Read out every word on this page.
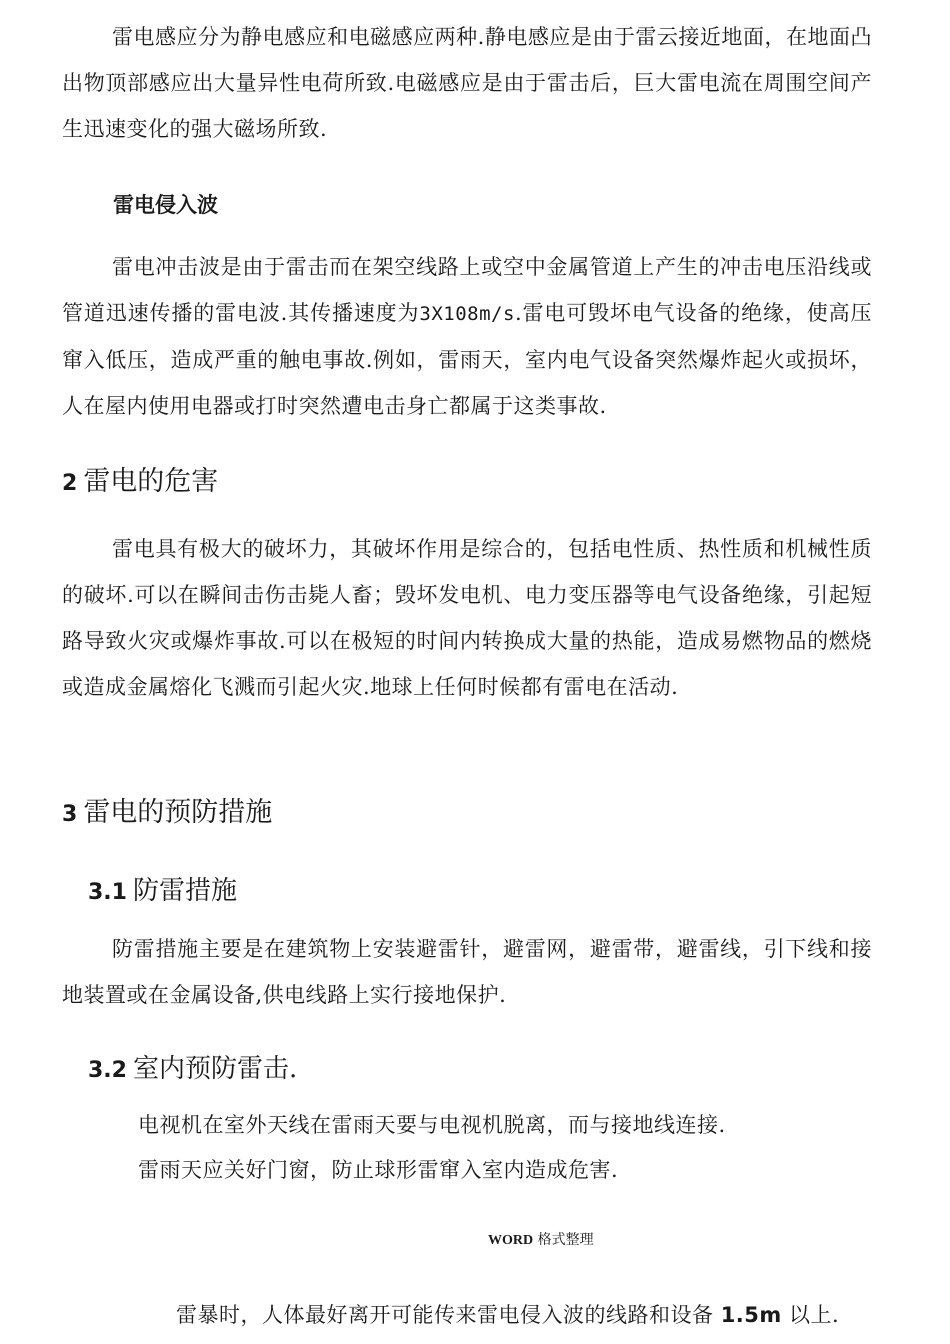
雷电感应分为静电感应和电磁感应两种.静电感应是由于雷云接近地面，在地面凸出物顶部感应出大量异性电荷所致.电磁感应是由于雷击后，巨大雷电流在周围空间产生迅速变化的强大磁场所致.

雷电侵入波

雷电冲击波是由于雷击而在架空线路上或空中金属管道上产生的冲击电压沿线或管道迅速传播的雷电波.其传播速度为3X108m/s.雷电可毁坏电气设备的绝缘，使高压窜入低压，造成严重的触电事故.例如，雷雨天，室内电气设备突然爆炸起火或损坏，人在屋内使用电器或打时突然遭电击身亡都属于这类事故.

2 雷电的危害

雷电具有极大的破坏力，其破坏作用是综合的，包括电性质、热性质和机械性质的破坏.可以在瞬间击伤击毙人畜；毁坏发电机、电力变压器等电气设备绝缘，引起短路导致火灾或爆炸事故.可以在极短的时间内转换成大量的热能，造成易燃物品的燃烧或造成金属熔化飞溅而引起火灾.地球上任何时候都有雷电在活动.

3 雷电的预防措施
3.1 防雷措施

防雷措施主要是在建筑物上安装避雷针，避雷网，避雷带，避雷线，引下线和接地装置或在金属设备,供电线路上实行接地保护.

3.2 室内预防雷击.

电视机在室外天线在雷雨天要与电视机脱离，而与接地线连接.

雷雨天应关好门窗，防止球形雷窜入室内造成危害.

WORD 格式整理

雷暴时，人体最好离开可能传来雷电侵入波的线路和设备 1.5m 以上.
